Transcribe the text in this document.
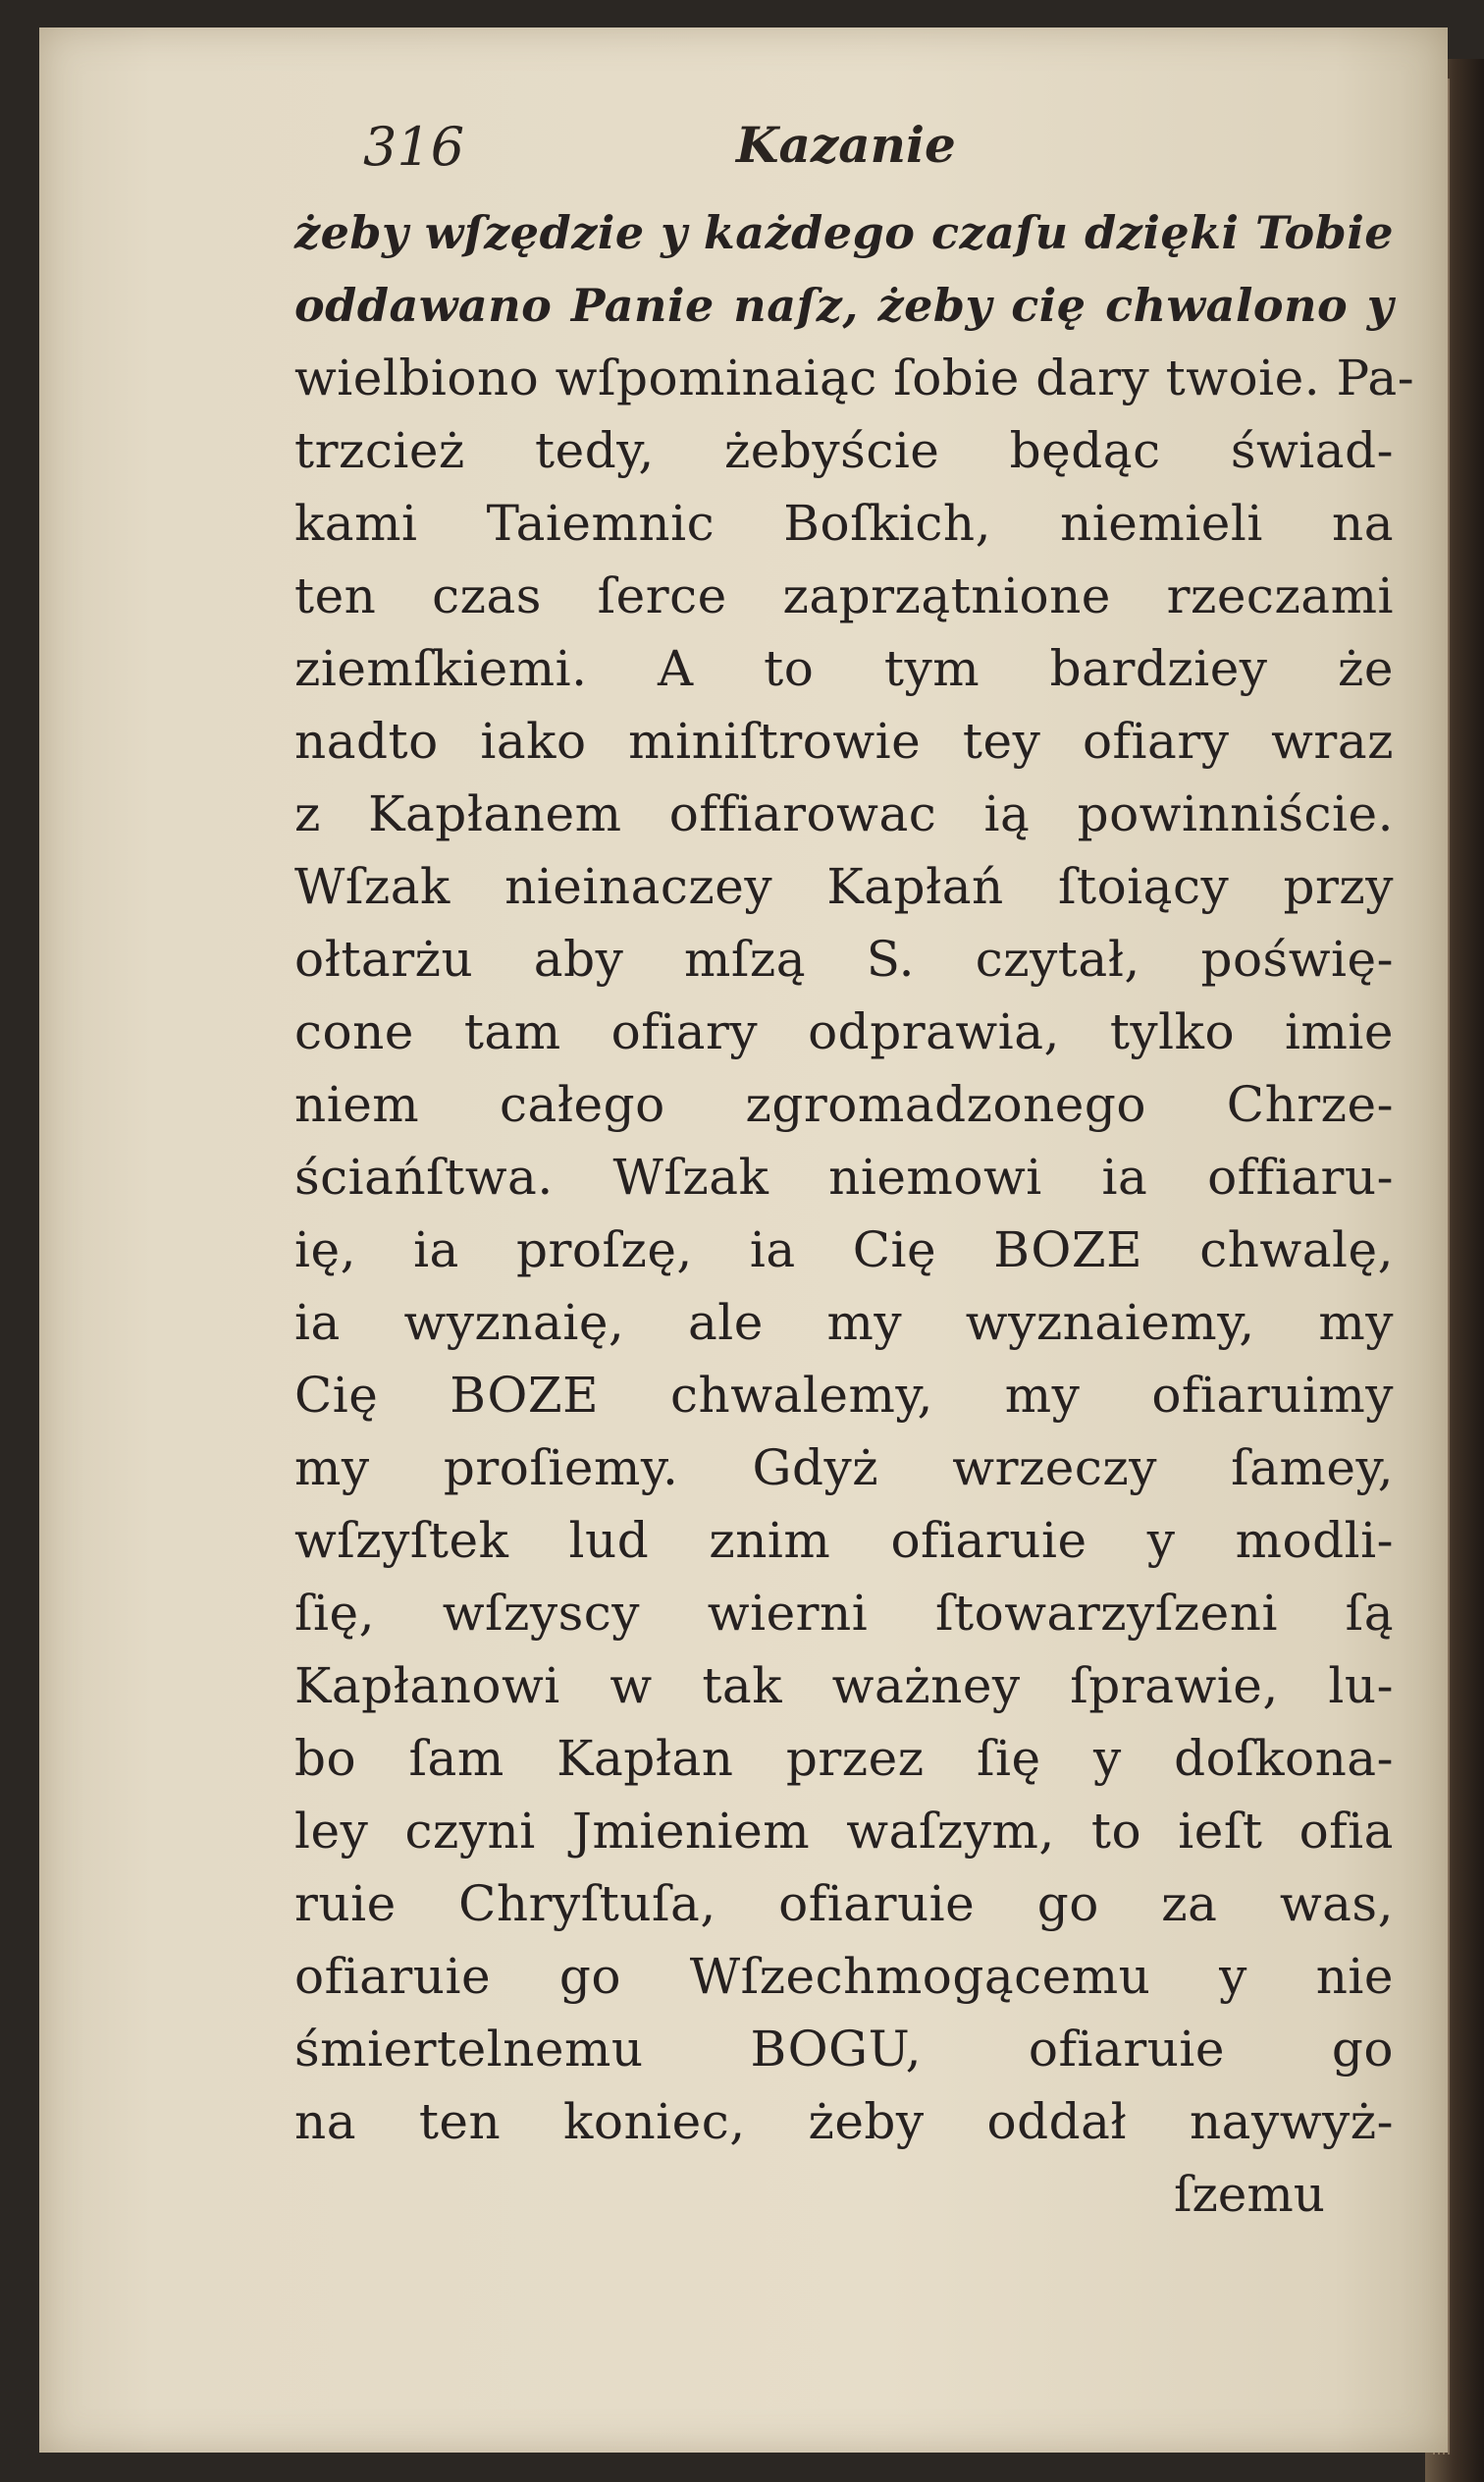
316	Kazanie
żeby wſzędzie y każdego czaſu dzięki Tobie
oddawano Panie naſz, żeby cię chwalono y
wielbiono wſpominaiąc ſobie dary twoie. Pa-
trzcież tedy, żebyście będąc świad-
kami Taiemnic Boſkich, niemieli na
ten czas ſerce zaprzątnione rzeczami
ziemſkiemi. A to tym bardziey że
nadto iako miniſtrowie tey ofiary wraz
z Kapłanem offiarowac ią powinniście.
Wſzak nieinaczey Kapłań ſtoiący przy
ołtarżu aby mſzą S. czytał, poświę-
cone tam ofiary odprawia, tylko imie
niem całego zgromadzonego Chrze-
ściańſtwa. Wſzak niemowi ia offiaru-
ię, ia proſzę, ia Cię BOZE chwalę,
ia wyznaię, ale my wyznaiemy, my
Cię BOZE chwalemy, my ofiaruimy
my proſiemy. Gdyż wrzeczy ſamey,
wſzyſtek lud znim ofiaruie y modli-
ſię, wſzyscy wierni ſtowarzyſzeni ſą
Kapłanowi w tak ważney ſprawie, lu-
bo ſam Kapłan przez ſię y doſkona-
ley czyni Jmieniem waſzym, to ieſt ofia
ruie Chryſtuſa, ofiaruie go za was,
ofiaruie go Wſzechmogącemu y nie
śmiertelnemu BOGU, ofiaruie go
na ten koniec, żeby oddał naywyż-
ſzemu
